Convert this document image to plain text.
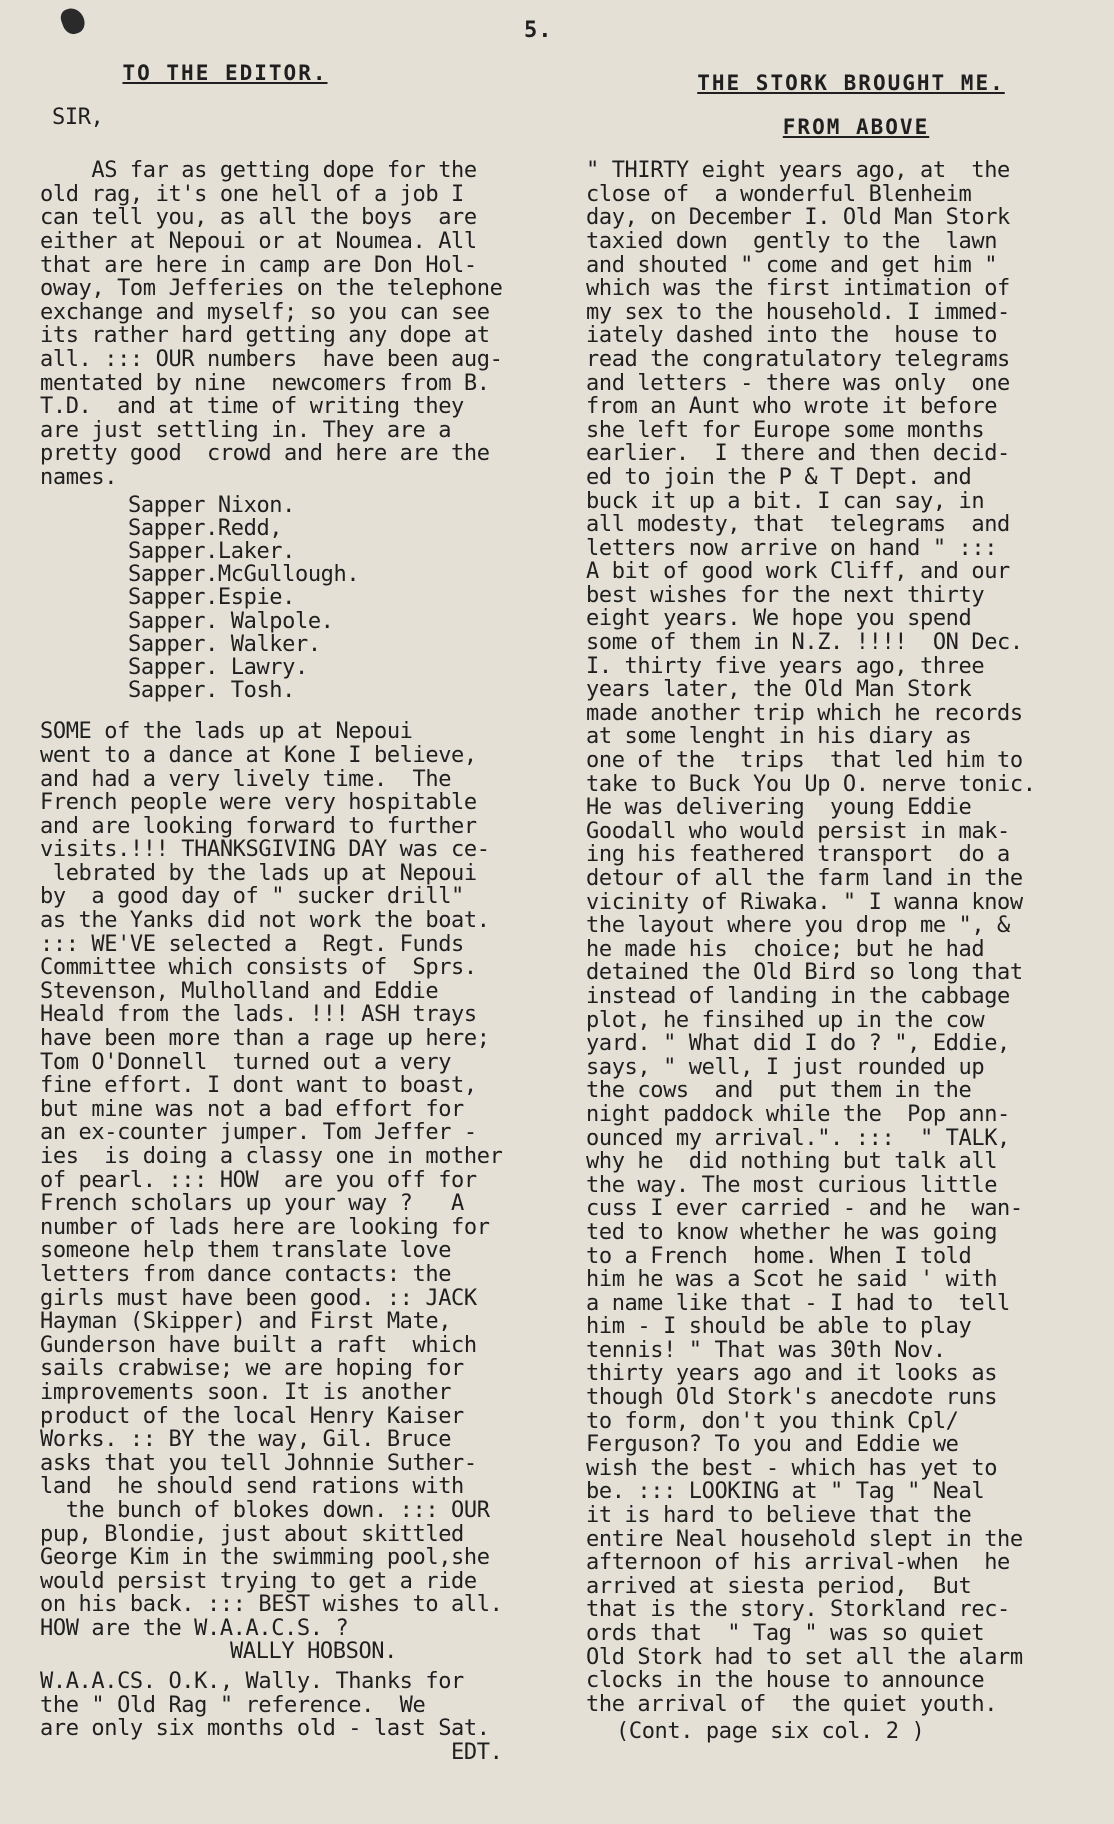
5.
TO THE EDITOR.
SIR,

AS far as getting dope for the
old rag, it's one hell of a job I
can tell you, as all the boys  are
either at Nepoui or at Noumea. All
that are here in camp are Don Hol-
oway, Tom Jefferies on the telephone
exchange and myself; so you can see
its rather hard getting any dope at
all. ::: OUR numbers  have been aug-
mentated by nine  newcomers from B.
T.D.  and at time of writing they
are just settling in. They are a
pretty good  crowd and here are the
names.

Sapper Nixon.
Sapper.Redd,
Sapper.Laker.
Sapper.McGullough.
Sapper.Espie.
Sapper. Walpole.
Sapper. Walker.
Sapper. Lawry.
Sapper. Tosh.

SOME of the lads up at Nepoui
went to a dance at Kone I believe,
and had a very lively time.  The
French people were very hospitable
and are looking forward to further
visits.!!! THANKSGIVING DAY was ce-
lebrated by the lads up at Nepoui
by  a good day of " sucker drill"
as the Yanks did not work the boat.
::: WE'VE selected a  Regt. Funds
Committee which consists of  Sprs.
Stevenson, Mulholland and Eddie
Heald from the lads. !!! ASH trays
have been more than a rage up here;
Tom O'Donnell  turned out a very
fine effort. I dont want to boast,
but mine was not a bad effort for
an ex-counter jumper. Tom Jeffer -
ies  is doing a classy one in mother
of pearl. ::: HOW  are you off for
French scholars up your way ?   A
number of lads here are looking for
someone help them translate love
letters from dance contacts: the
girls must have been good. :: JACK
Hayman (Skipper) and First Mate,
Gunderson have built a raft  which
sails crabwise; we are hoping for
improvements soon. It is another
product of the local Henry Kaiser
Works. :: BY the way, Gil. Bruce
asks that you tell Johnnie Suther-
land  he should send rations with
the bunch of blokes down. ::: OUR
pup, Blondie, just about skittled
George Kim in the swimming pool,she
would persist trying to get a ride
on his back. ::: BEST wishes to all.
HOW are the W.A.A.C.S. ?

WALLY HOBSON.

W.A.A.CS. O.K., Wally. Thanks for
the " Old Rag " reference.  We
are only six months old - last Sat.
EDT.

THE STORK BROUGHT ME.
FROM ABOVE

" THIRTY eight years ago, at  the
close of  a wonderful Blenheim
day, on December I. Old Man Stork
taxied down  gently to the  lawn
and shouted " come and get him "
which was the first intimation of
my sex to the household. I immed-
iately dashed into the  house to
read the congratulatory telegrams
and letters - there was only  one
from an Aunt who wrote it before
she left for Europe some months
earlier.  I there and then decid-
ed to join the P & T Dept. and
buck it up a bit. I can say, in
all modesty, that  telegrams  and
letters now arrive on hand " :::
A bit of good work Cliff, and our
best wishes for the next thirty
eight years. We hope you spend
some of them in N.Z. !!!!  ON Dec.
I. thirty five years ago, three
years later, the Old Man Stork
made another trip which he records
at some lenght in his diary as
one of the  trips  that led him to
take to Buck You Up O. nerve tonic.
He was delivering  young Eddie
Goodall who would persist in mak-
ing his feathered transport  do a
detour of all the farm land in the
vicinity of Riwaka. " I wanna know
the layout where you drop me ", &
he made his  choice; but he had
detained the Old Bird so long that
instead of landing in the cabbage
plot, he finsihed up in the cow
yard. " What did I do ? ", Eddie,
says, " well, I just rounded up
the cows  and  put them in the
night paddock while the  Pop ann-
ounced my arrival.". :::  " TALK,
why he  did nothing but talk all
the way. The most curious little
cuss I ever carried - and he  wan-
ted to know whether he was going
to a French  home. When I told
him he was a Scot he said ' with
a name like that - I had to  tell
him - I should be able to play
tennis! " That was 30th Nov.
thirty years ago and it looks as
though Old Stork's anecdote runs
to form, don't you think Cpl/
Ferguson? To you and Eddie we
wish the best - which has yet to
be. ::: LOOKING at " Tag " Neal
it is hard to believe that the
entire Neal household slept in the
afternoon of his arrival-when  he
arrived at siesta period,  But
that is the story. Storkland rec-
ords that  " Tag " was so quiet
Old Stork had to set all the alarm
clocks in the house to announce
the arrival of  the quiet youth.

(Cont. page six col. 2 )
